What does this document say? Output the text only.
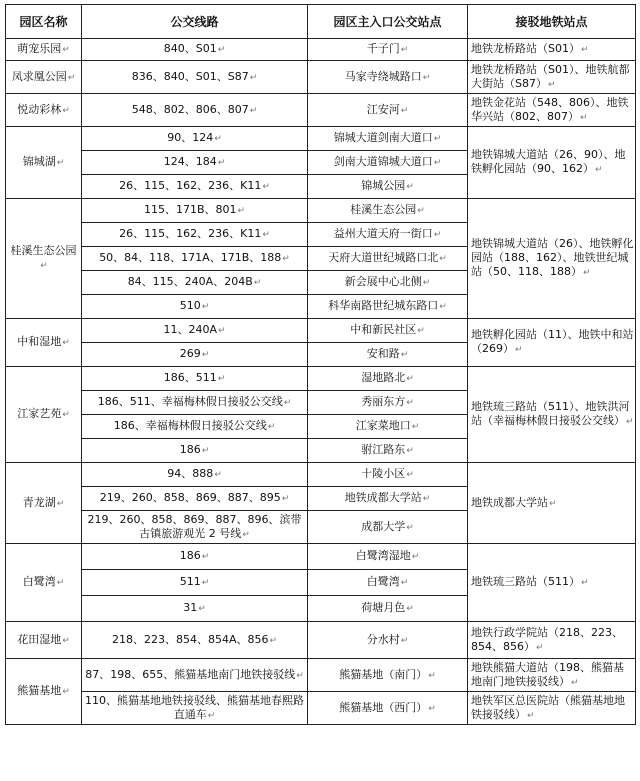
园区名称	公交线路	园区主入口公交站点	接驳地铁站点
萌宠乐园↵	840、S01↵	千子门↵	地铁龙桥路站（S01）↵
凤求凰公园↵	836、840、S01、S87↵	马家寺绕城路口↵	地铁龙桥路站（S01）、地铁航都大街站（S87）↵
悦动彩林↵	548、802、806、807↵	江安河↵	地铁金花站（548、806）、地铁华兴站（802、807）↵
锦城湖↵	90、124↵	锦城大道剑南大道口↵	地铁锦城大道站（26、90）、地铁孵化园站（90、162）↵
	124、184↵	剑南大道锦城大道口↵	
	26、115、162、236、K11↵	锦城公园↵	
桂溪生态公园↵	115、171B、801↵	桂溪生态公园↵	地铁锦城大道站（26）、地铁孵化园站（188、162）、地铁世纪城站（50、118、188）↵
	26、115、162、236、K11↵	益州大道天府一街口↵	
	50、84、118、171A、171B、188↵	天府大道世纪城路口北↵	
	84、115、240A、204B↵	新会展中心北侧↵	
	510↵	科华南路世纪城东路口↵	
中和湿地↵	11、240A↵	中和新民社区↵	地铁孵化园站（11）、地铁中和站（269）↵
	269↵	安和路↵	
江家艺苑↵	186、511↵	湿地路北↵	地铁琉三路站（511）、地铁洪河站（幸福梅林假日接驳公交线）↵
	186、511、幸福梅林假日接驳公交线↵	秀丽东方↵	
	186、幸福梅林假日接驳公交线↵	江家菜地口↵	
	186↵	驸江路东↵	
青龙湖↵	94、888↵	十陵小区↵	地铁成都大学站↵
	219、260、858、869、887、895↵	地铁成都大学站↵	
	219、260、858、869、887、896、滨带古镇旅游观光 2 号线↵	成都大学↵	
白鹭湾↵	186↵	白鹭湾湿地↵	地铁琉三路站（511）↵
	511↵	白鹭湾↵	
	31↵	荷塘月色↵	
花田湿地↵	218、223、854、854A、856↵	分水村↵	地铁行政学院站（218、223、854、856）↵
熊猫基地↵	87、198、655、熊猫基地南门地铁接驳线↵	熊猫基地（南门）↵	地铁熊猫大道站（198、熊猫基地南门地铁接驳线）↵
	110、熊猫基地地铁接驳线、熊猫基地春熙路直通车↵	熊猫基地（西门）↵	地铁军区总医院站（熊猫基地地铁接驳线）↵
